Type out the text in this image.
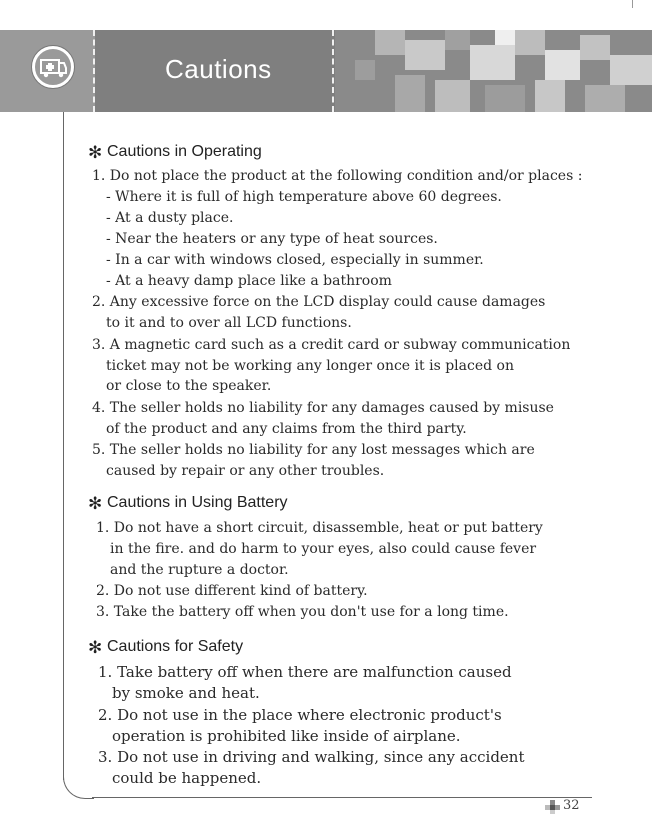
Cautions
✻ Cautions in Operating
1. Do not place the product at the following condition and/or places :
- Where it is full of high temperature above 60 degrees.
- At a dusty place.
- Near the heaters or any type of heat sources.
- In a car with windows closed, especially in summer.
- At a heavy damp place like a bathroom
2. Any excessive force on the LCD display could cause damages
to it and to over all LCD functions.
3. A magnetic card such as a credit card or subway communication
ticket may not be working any longer once it is placed on
or close to the speaker.
4. The seller holds no liability for any damages caused by misuse
of the product and any claims from the third party.
5. The seller holds no liability for any lost messages which are
caused by repair or any other troubles.
✻ Cautions in Using Battery
1. Do not have a short circuit, disassemble, heat or put battery
in the fire. and do harm to your eyes, also could cause fever
and the rupture a doctor.
2. Do not use different kind of battery.
3. Take the battery off when you don't use for a long time.
✻ Cautions for Safety
1. Take battery off when there are malfunction caused
by smoke and heat.
2. Do not use in the place where electronic product's
operation is prohibited like inside of airplane.
3. Do not use in driving and walking, since any accident
could be happened.
32
